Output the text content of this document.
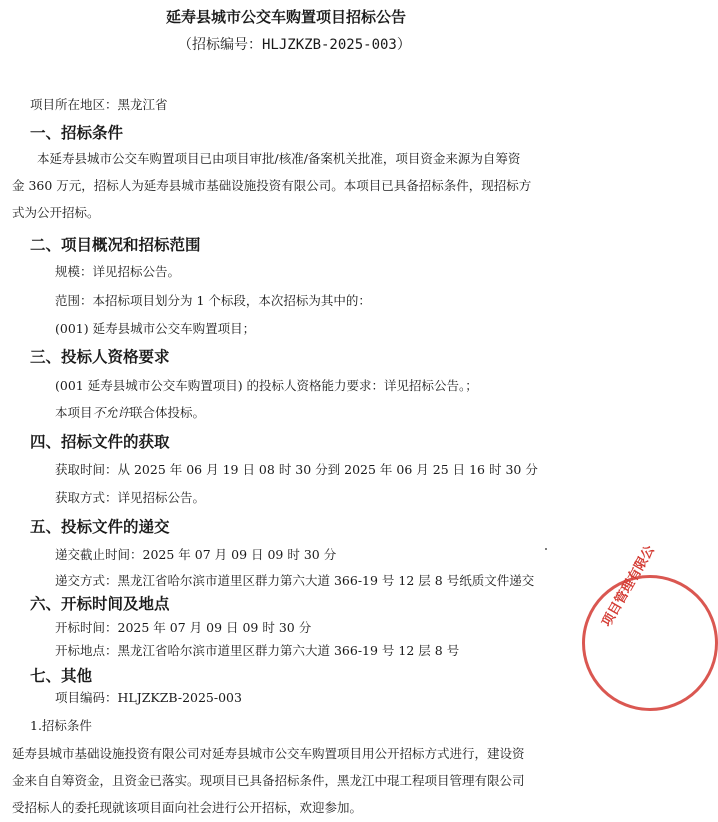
延寿县城市公交车购置项目招标公告
（招标编号：HLJZKZB-2025-003）
项目所在地区：黑龙江省
一、招标条件
本延寿县城市公交车购置项目已由项目审批/核准/备案机关批准，项目资金来源为自筹资金 360 万元，招标人为延寿县城市基础设施投资有限公司。本项目已具备招标条件，现招标方式为公开招标。
二、项目概况和招标范围
规模：详见招标公告。
范围：本招标项目划分为 1 个标段，本次招标为其中的：
(001) 延寿县城市公交车购置项目；
三、投标人资格要求
(001 延寿县城市公交车购置项目) 的投标人资格能力要求：详见招标公告。；
本项目不允许联合体投标。
四、招标文件的获取
获取时间：从 2025 年 06 月 19 日 08 时 30 分到 2025 年 06 月 25 日 16 时 30 分
获取方式：详见招标公告。
五、投标文件的递交
递交截止时间：2025 年 07 月 09 日 09 时 30 分
递交方式：黑龙江省哈尔滨市道里区群力第六大道 366-19 号 12 层 8 号纸质文件递交
六、开标时间及地点
开标时间：2025 年 07 月 09 日 09 时 30 分
开标地点：黑龙江省哈尔滨市道里区群力第六大道 366-19 号 12 层 8 号
七、其他
项目编码：HLJZKZB-2025-003
1.招标条件
延寿县城市基础设施投资有限公司对延寿县城市公交车购置项目用公开招标方式进行，建设资金来自自筹资金，且资金已落实。现项目已具备招标条件，黑龙江中琨工程项目管理有限公司受招标人的委托现就该项目面向社会进行公开招标，欢迎参加。
项目管理有限公
